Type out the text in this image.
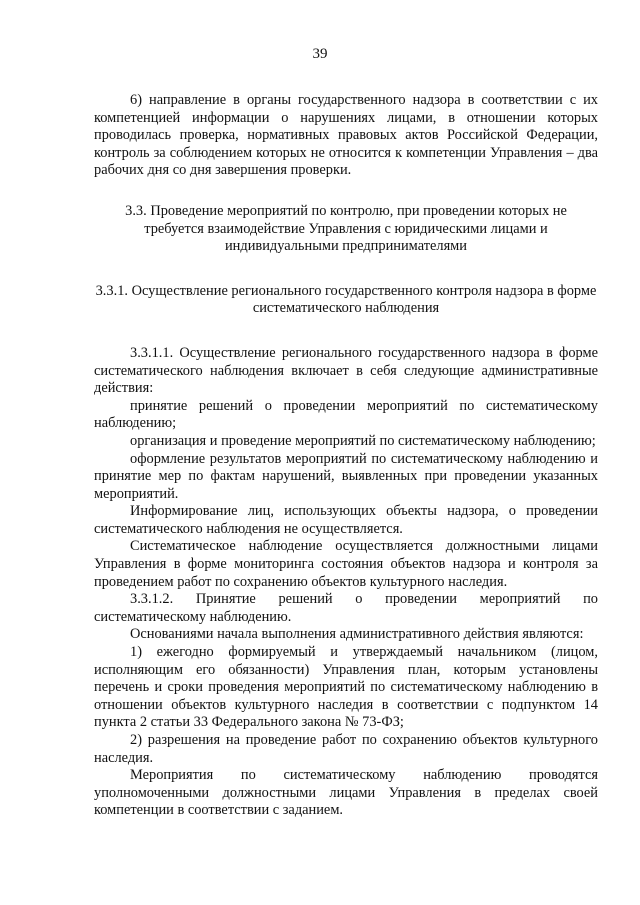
39

6) направление в органы государственного надзора в соответствии с их компетенцией информации о нарушениях лицами, в отношении которых проводилась проверка, нормативных правовых актов Российской Федерации, контроль за соблюдением которых не относится к компетенции Управления – два рабочих дня со дня завершения проверки.

3.3. Проведение мероприятий по контролю, при проведении которых не требуется взаимодействие Управления с юридическими лицами и индивидуальными предпринимателями

3.3.1. Осуществление регионального государственного контроля надзора в форме систематического наблюдения

3.3.1.1. Осуществление регионального государственного надзора в форме систематического наблюдения включает в себя следующие административные действия:

принятие решений о проведении мероприятий по систематическому наблюдению;

организация и проведение мероприятий по систематическому наблюдению;

оформление результатов мероприятий по систематическому наблюдению и принятие мер по фактам нарушений, выявленных при проведении указанных мероприятий.

Информирование лиц, использующих объекты надзора, о проведении систематического наблюдения не осуществляется.

Систематическое наблюдение осуществляется должностными лицами Управления в форме мониторинга состояния объектов надзора и контроля за проведением работ по сохранению объектов культурного наследия.

3.3.1.2. Принятие решений о проведении мероприятий по систематическому наблюдению.

Основаниями начала выполнения административного действия являются:

1) ежегодно формируемый и утверждаемый начальником (лицом, исполняющим его обязанности) Управления план, которым установлены перечень и сроки проведения мероприятий по систематическому наблюдению в отношении объектов культурного наследия в соответствии с подпунктом 14 пункта 2 статьи 33 Федерального закона № 73-ФЗ;

2) разрешения на проведение работ по сохранению объектов культурного наследия.

Мероприятия по систематическому наблюдению проводятся уполномоченными должностными лицами Управления в пределах своей компетенции в соответствии с заданием.
